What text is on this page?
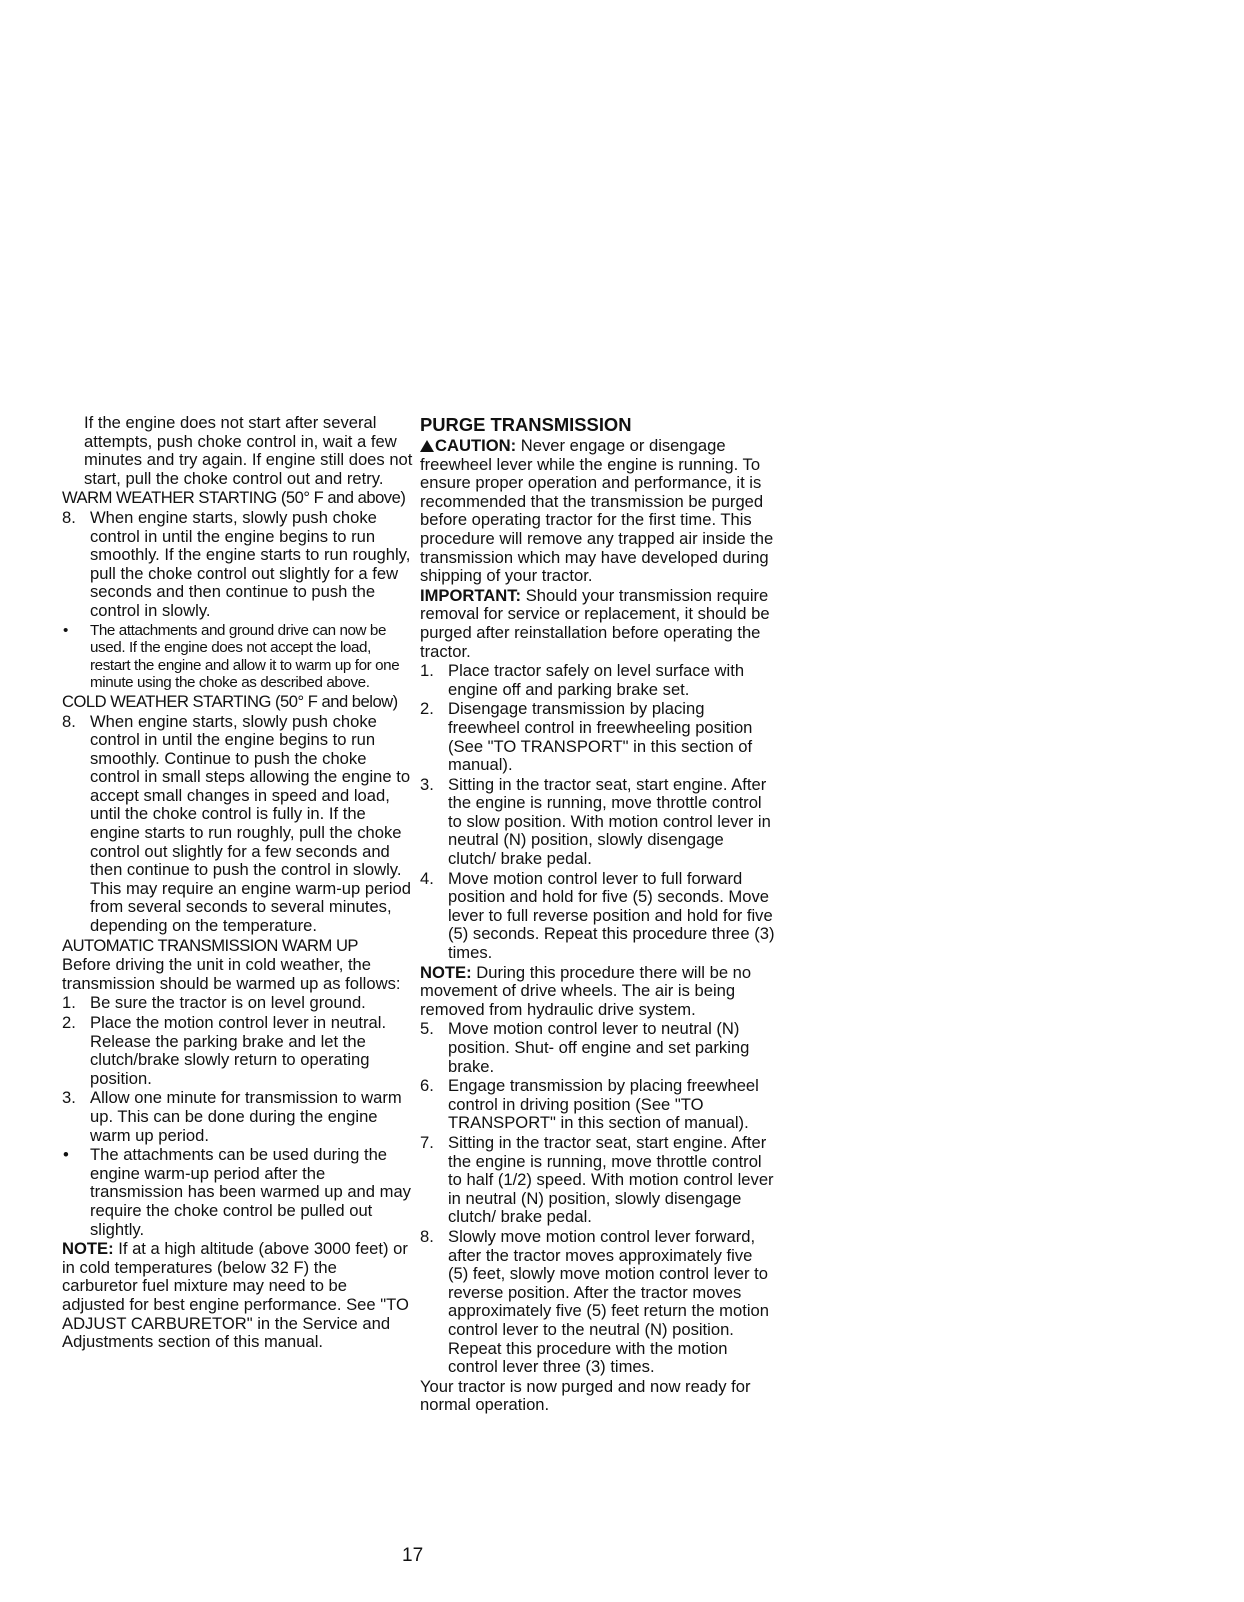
If the engine does not start after several attempts, push choke control in, wait a few minutes and try again. If engine still does not start, pull the choke control out and retry.

WARM WEATHER STARTING (50° F and above)

8. When engine starts, slowly push choke control in until the engine begins to run smoothly. If the engine starts to run roughly, pull the choke control out slightly for a few seconds and then continue to push the control in slowly.
• The attachments and ground drive can now be used. If the engine does not accept the load, restart the engine and allow it to warm up for one minute using the choke as described above.

COLD WEATHER STARTING (50° F and below)

8. When engine starts, slowly push choke control in until the engine begins to run smoothly. Continue to push the choke control in small steps allowing the engine to accept small changes in speed and load, until the choke control is fully in. If the engine starts to run roughly, pull the choke control out slightly for a few seconds and then continue to push the control in slowly. This may require an engine warm-up period from several seconds to several minutes, depending on the temperature.

AUTOMATIC TRANSMISSION WARM UP

Before driving the unit in cold weather, the transmission should be warmed up as follows:

1. Be sure the tractor is on level ground.
2. Place the motion control lever in neutral. Release the parking brake and let the clutch/brake slowly return to operating position.
3. Allow one minute for transmission to warm up. This can be done during the engine warm up period.
• The attachments can be used during the engine warm-up period after the transmission has been warmed up and may require the choke control be pulled out slightly.

NOTE: If at a high altitude (above 3000 feet) or in cold temperatures (below 32 F) the carburetor fuel mixture may need to be adjusted for best engine performance. See "TO ADJUST CARBURETOR" in the Service and Adjustments section of this manual.

PURGE TRANSMISSION

CAUTION: Never engage or disengage freewheel lever while the engine is running. To ensure proper operation and performance, it is recommended that the transmission be purged before operating tractor for the first time. This procedure will remove any trapped air inside the transmission which may have developed during shipping of your tractor.

IMPORTANT: Should your transmission require removal for service or replacement, it should be purged after reinstallation before operating the tractor.

1. Place tractor safely on level surface with engine off and parking brake set.
2. Disengage transmission by placing freewheel control in freewheeling position (See "TO TRANSPORT" in this section of manual).
3. Sitting in the tractor seat, start engine. After the engine is running, move throttle control to slow position. With motion control lever in neutral (N) position, slowly disengage clutch/ brake pedal.
4. Move motion control lever to full forward position and hold for five (5) seconds. Move lever to full reverse position and hold for five (5) seconds. Repeat this procedure three (3) times.

NOTE: During this procedure there will be no movement of drive wheels. The air is being removed from hydraulic drive system.

5. Move motion control lever to neutral (N) position. Shut- off engine and set parking brake.
6. Engage transmission by placing freewheel control in driving position (See "TO TRANSPORT" in this section of manual).
7. Sitting in the tractor seat, start engine. After the engine is running, move throttle control to half (1/2) speed. With motion control lever in neutral (N) position, slowly disengage clutch/ brake pedal.
8. Slowly move motion control lever forward, after the tractor moves approximately five (5) feet, slowly move motion control lever to reverse position. After the tractor moves approximately five (5) feet return the motion control lever to the neutral (N) position. Repeat this procedure with the motion control lever three (3) times.

Your tractor is now purged and now ready for normal operation.

17
